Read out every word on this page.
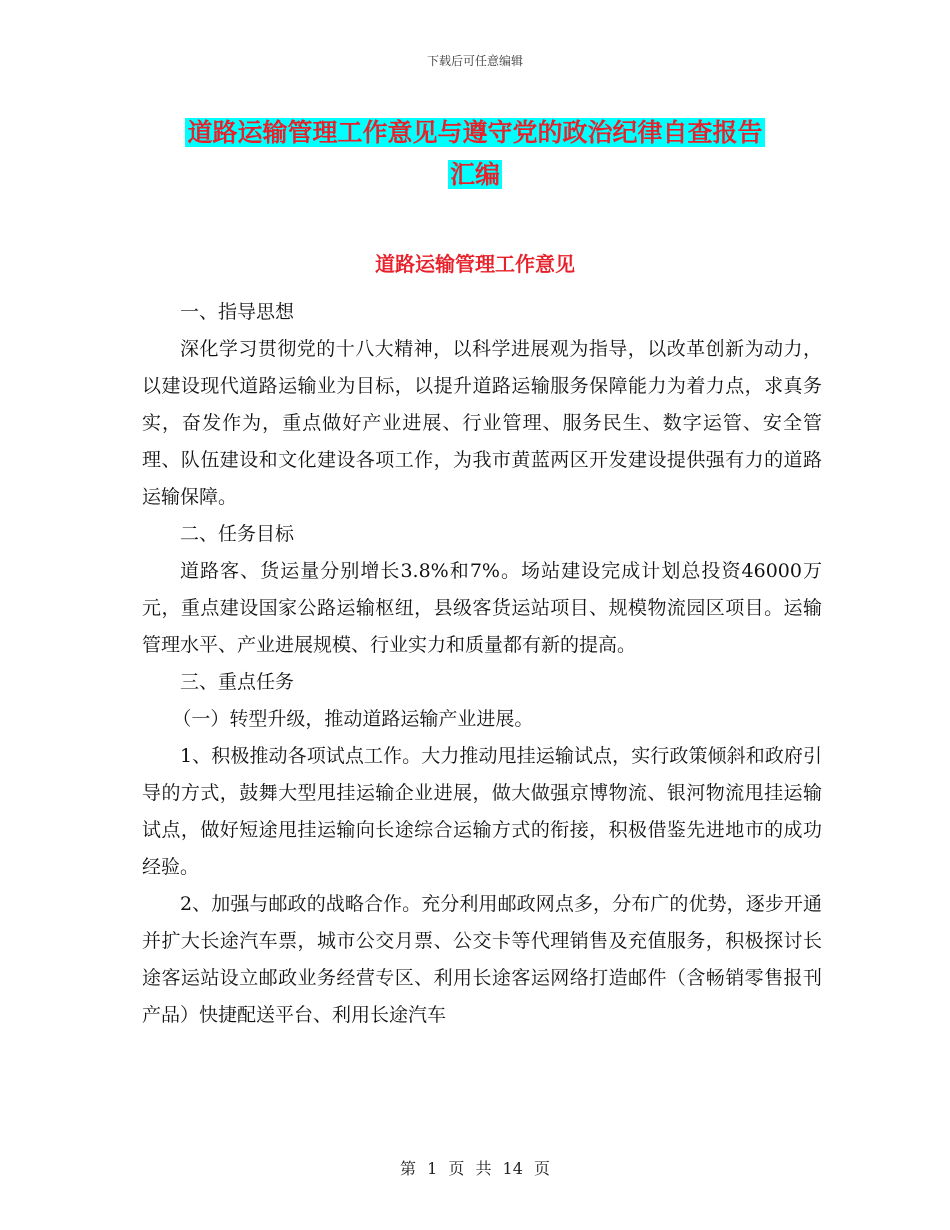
下载后可任意编辑
道路运输管理工作意见与遵守党的政治纪律自查报告
汇编
道路运输管理工作意见

一、指导思想

深化学习贯彻党的十八大精神，以科学进展观为指导，以改革创新为动力，以建设现代道路运输业为目标，以提升道路运输服务保障能力为着力点，求真务实，奋发作为，重点做好产业进展、行业管理、服务民生、数字运管、安全管理、队伍建设和文化建设各项工作，为我市黄蓝两区开发建设提供强有力的道路运输保障。

二、任务目标

道路客、货运量分别增长3.8%和7%。场站建设完成计划总投资46000万元，重点建设国家公路运输枢纽，县级客货运站项目、规模物流园区项目。运输管理水平、产业进展规模、行业实力和质量都有新的提高。

三、重点任务

（一）转型升级，推动道路运输产业进展。

1、积极推动各项试点工作。大力推动甩挂运输试点，实行政策倾斜和政府引导的方式，鼓舞大型甩挂运输企业进展，做大做强京博物流、银河物流甩挂运输试点，做好短途甩挂运输向长途综合运输方式的衔接，积极借鉴先进地市的成功经验。

2、加强与邮政的战略合作。充分利用邮政网点多，分布广的优势，逐步开通并扩大长途汽车票，城市公交月票、公交卡等代理销售及充值服务，积极探讨长途客运站设立邮政业务经营专区、利用长途客运网络打造邮件（含畅销零售报刊产品）快捷配送平台、利用长途汽车

第 1 页 共 14 页
